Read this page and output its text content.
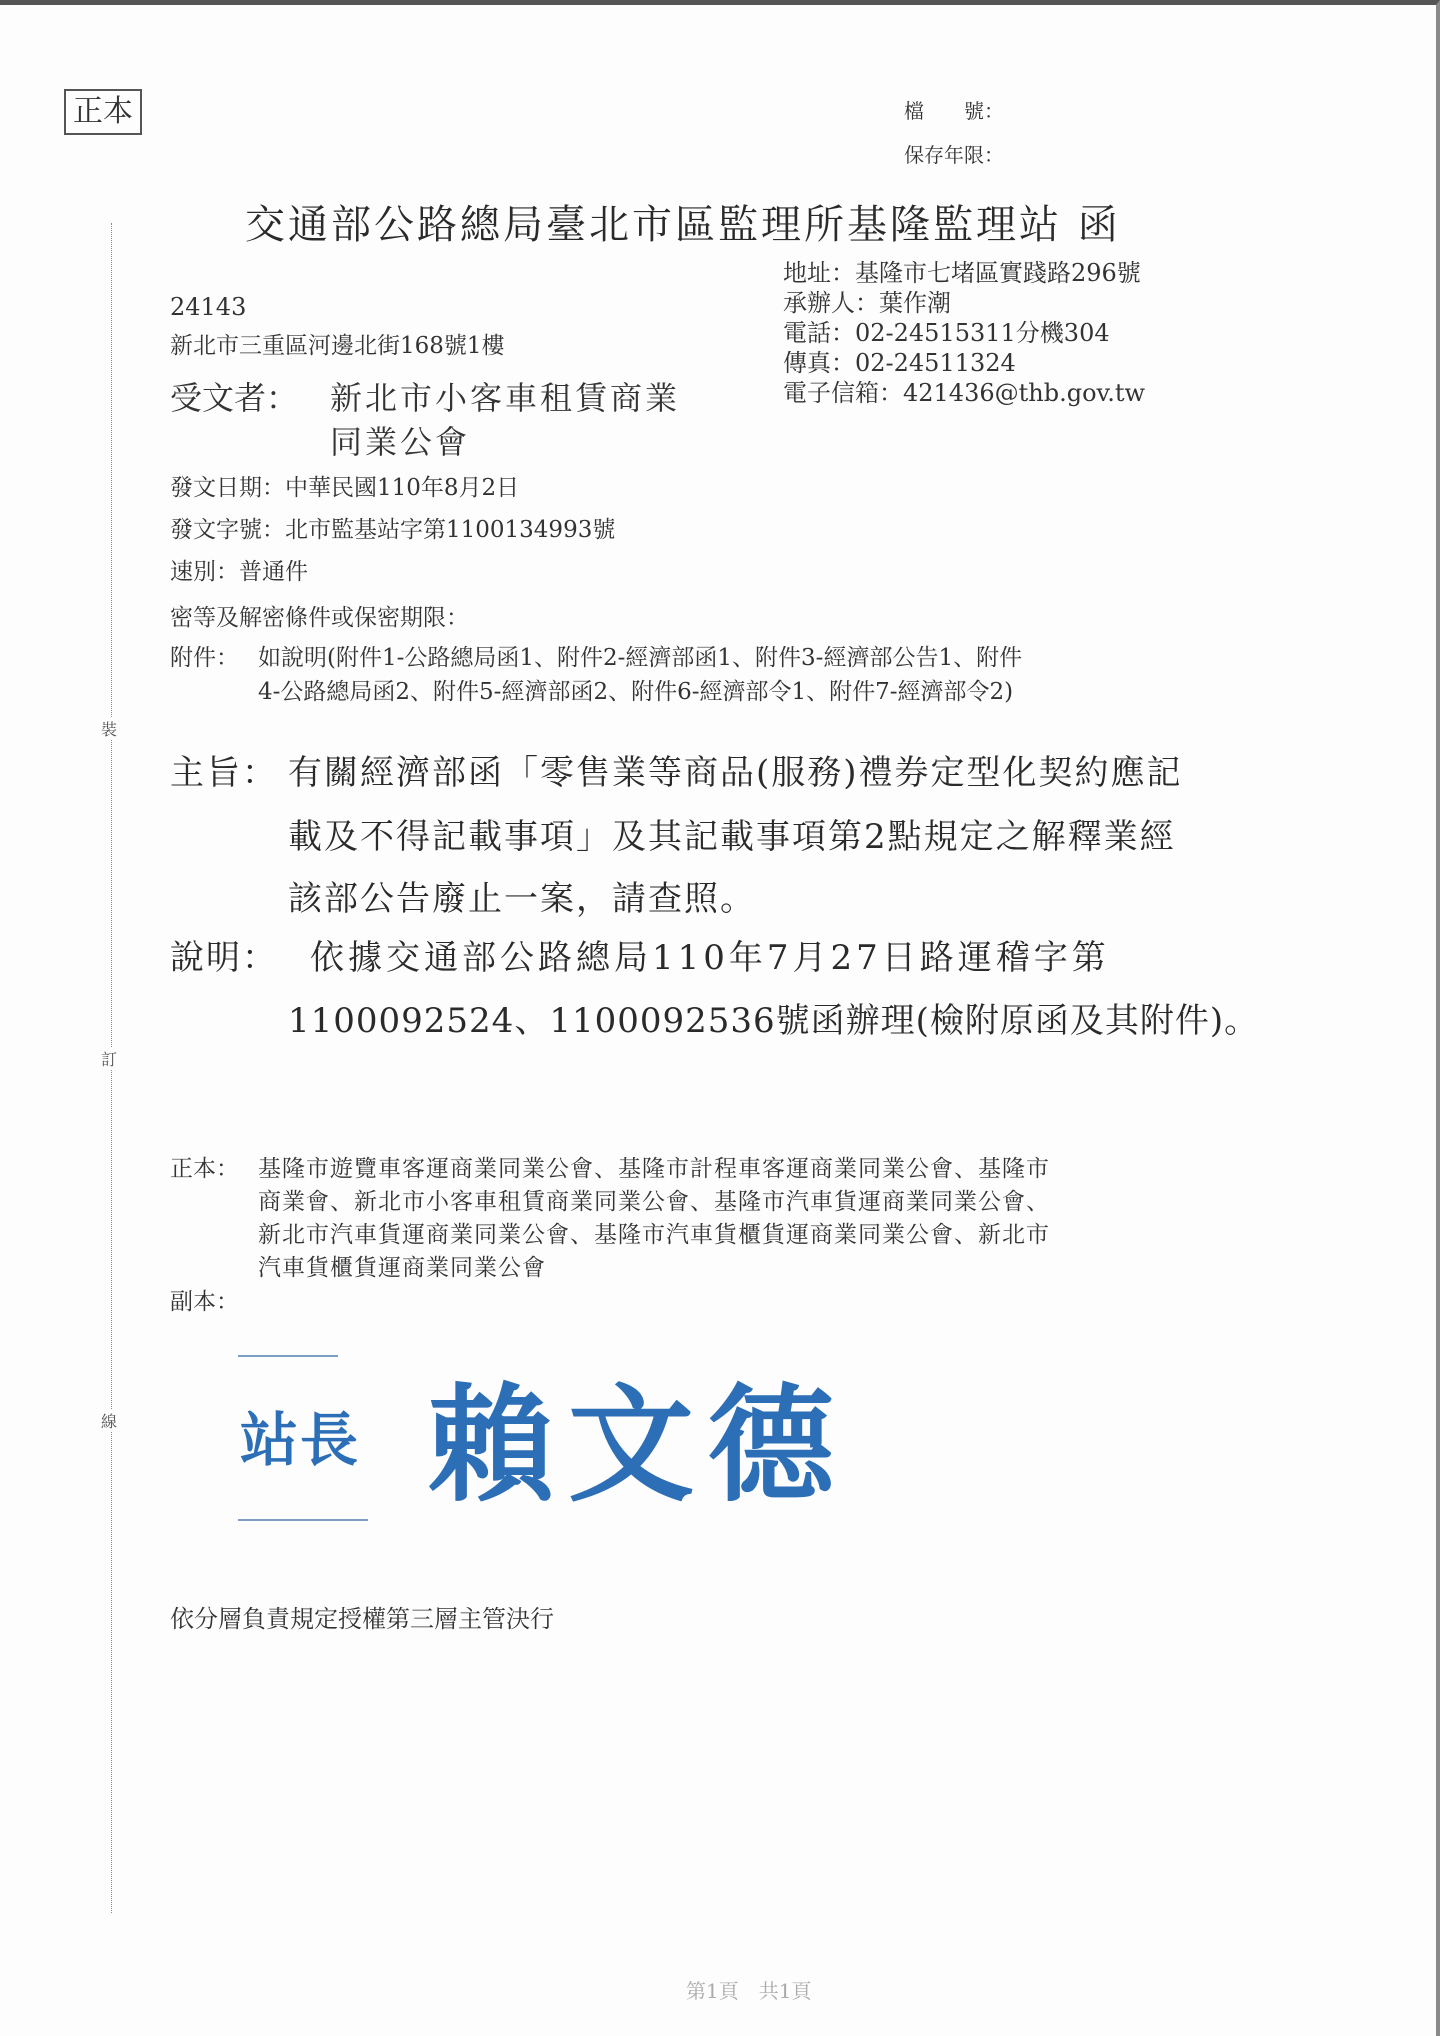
正本	檔　　號：
保存年限：
交通部公路總局臺北市區監理所基隆監理站 函
地址：基隆市七堵區實踐路296號
承辦人：葉作潮
電話：02-24515311分機304
傳真：02-24511324
電子信箱：421436@thb.gov.tw
24143
新北市三重區河邊北街168號1樓
受文者： 新北市小客車租賃商業
同業公會
發文日期：中華民國110年8月2日
發文字號：北市監基站字第1100134993號
速別：普通件
密等及解密條件或保密期限：
附件： 如說明(附件1-公路總局函1、附件2-經濟部函1、附件3-經濟部公告1、附件
4-公路總局函2、附件5-經濟部函2、附件6-經濟部令1、附件7-經濟部令2)
主旨： 有關經濟部函「零售業等商品(服務)禮券定型化契約應記
載及不得記載事項」及其記載事項第2點規定之解釋業經
該部公告廢止一案，請查照。
說明： 依據交通部公路總局110年7月27日路運稽字第
1100092524、1100092536號函辦理(檢附原函及其附件)。
正本： 基隆市遊覽車客運商業同業公會、基隆市計程車客運商業同業公會、基隆市
商業會、新北市小客車租賃商業同業公會、基隆市汽車貨運商業同業公會、
新北市汽車貨運商業同業公會、基隆市汽車貨櫃貨運商業同業公會、新北市
汽車貨櫃貨運商業同業公會
副本：
站長 賴文德
依分層負責規定授權第三層主管決行
裝
訂
線
第1頁　共1頁
